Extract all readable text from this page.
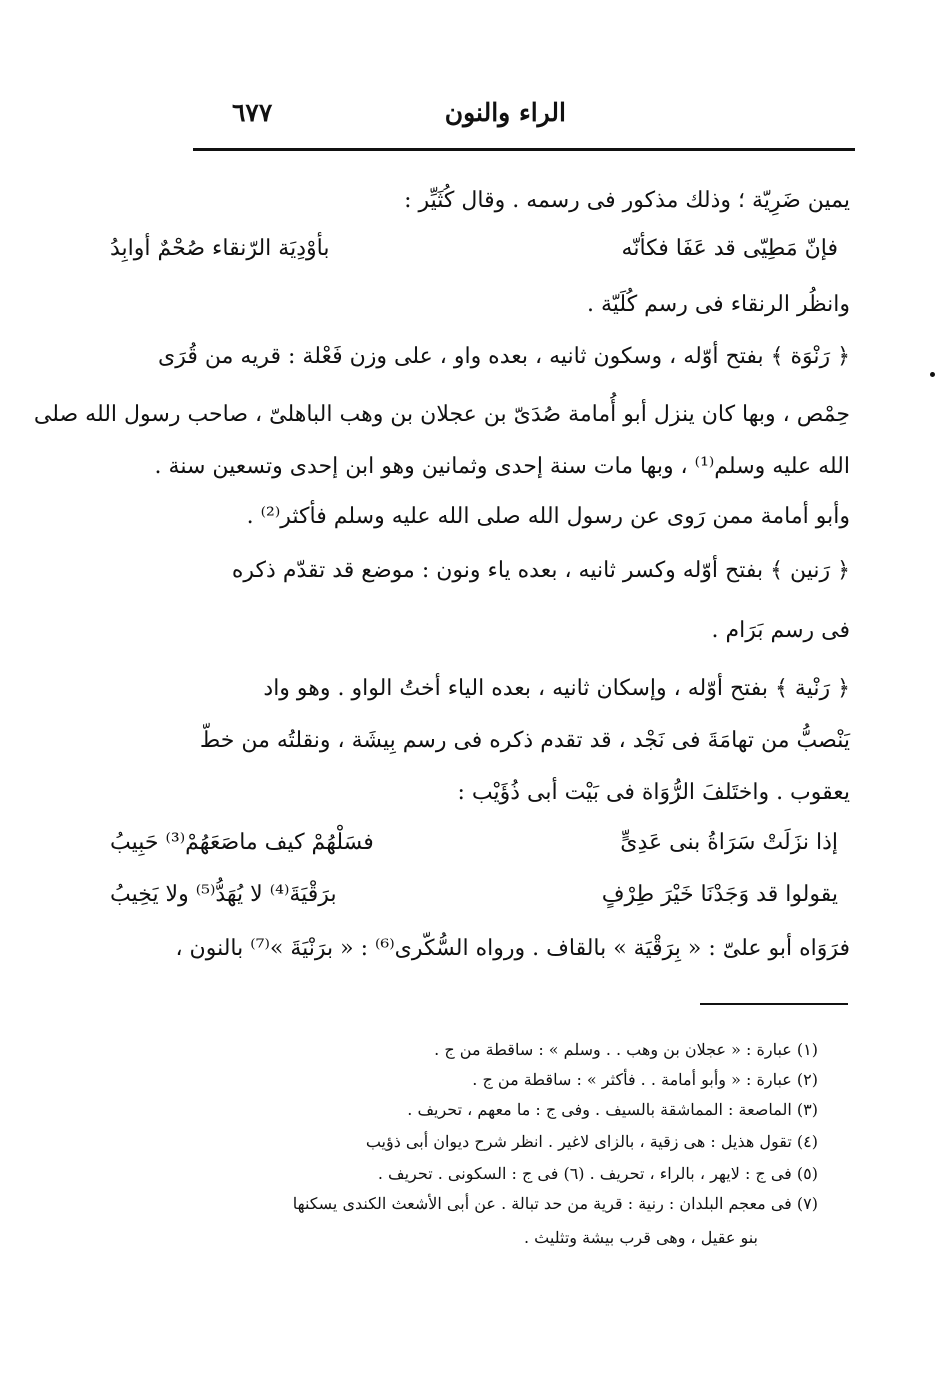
الراء والنون
٦٧٧
يمين ضَرِيّة ؛ وذلك مذكور فى رسمه . وقال كُثَيِّر :
فإنّ مَطِيّى قد عَفَا فكأنّه
بأوْدِيَة الرّنقاء صُحْمٌ أوابِدُ
وانظُر الرنقاء فى رسم كُلَيّة .
﴿ رَنْوَة ﴾ بفتح أوّله ، وسكون ثانيه ، بعده واو ، على وزن فَعْلة : قريه من قُرَى
حِمْص ، وبها كان ينزل أبو أُمامة صُدَىّ بن عجلان بن وهب الباهلىّ ، صاحب رسول الله صلى
الله عليه وسلم⁽¹⁾ ، وبها مات سنة إحدى وثمانين وهو ابن إحدى وتسعين سنة .
وأبو أمامة ممن رَوى عن رسول الله صلى الله عليه وسلم فأكثر⁽²⁾ .
﴿ رَنين ﴾ بفتح أوّله وكسر ثانيه ، بعده ياء ونون : موضع قد تقدّم ذكره
فى رسم بَرَام .
﴿ رَنْية ﴾ بفتح أوّله ، وإسكان ثانيه ، بعده الياء أختُ الواو . وهو واد
يَنْصبُّ من تهامَةَ فى نَجْد ، قد تقدم ذكره فى رسم بِيشَة ، ونقلتُه من خطّ
يعقوب . واختَلفَ الرُّوَاة فى بَيْت أبى ذُؤَيْب :
إذا نزَلَتْ سَرَاةُ بنى عَدِىٍّ
فسَلْهُمْ كيف ماصَعَهُمْ⁽³⁾ حَبِيبُ
يقولوا قد وَجَدْنَا خَيْرَ طِرْفٍ
برَقْيَةَ⁽⁴⁾ لا يُهَدُّ⁽⁵⁾ ولا يَخِيبُ
فرَوَاه أبو علىّ : « بِرَقْيَة » بالقاف . ورواه السُّكّرى⁽⁶⁾ : « برَنْيَةَ »⁽⁷⁾ بالنون ،
(١) عبارة : « عجلان بن وهب . . وسلم » : ساقطة من ج .
(٢) عبارة : « وأبو أمامة . . فأكثر » : ساقطة من ج .
(٣) الماصعة : المماشقة بالسيف . وفى ج : ما معهم ، تحريف .
(٤) تقول هذيل : هى زقية ، بالزاى لاغير . انظر شرح ديوان أبى ذؤيب
(٥) فى ج : لايهر ، بالراء ، تحريف . (٦) فى ج : السكونى . تحريف .
(٧) فى معجم البلدان : رنية : قرية من حد تبالة . عن أبى الأشعث الكندى يسكنها
بنو عقيل ، وهى قرب بيشة وتثليث .
